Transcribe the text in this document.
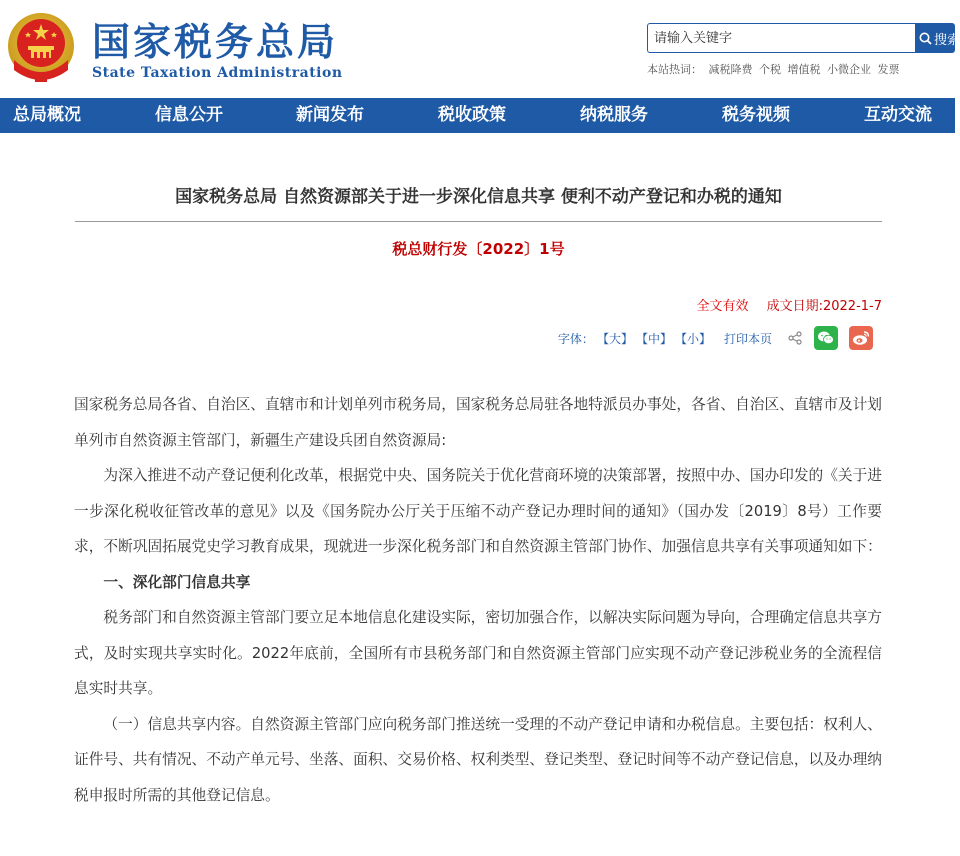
国家税务总局
State Taxation Administration
请输入关键字
搜索
本站热词： 减税降费 个税 增值税 小微企业 发票
总局概况	信息公开	新闻发布	税收政策	纳税服务	税务视频	互动交流
国家税务总局 自然资源部关于进一步深化信息共享 便利不动产登记和办税的通知
税总财行发〔2022〕1号
全文有效 成文日期:2022-1-7
字体： 【大】 【中】 【小】 打印本页

国家税务总局各省、自治区、直辖市和计划单列市税务局，国家税务总局驻各地特派员办事处，各省、自治区、直辖市及计划单列市自然资源主管部门，新疆生产建设兵团自然资源局:

为深入推进不动产登记便利化改革，根据党中央、国务院关于优化营商环境的决策部署，按照中办、国办印发的《关于进一步深化税收征管改革的意见》以及《国务院办公厅关于压缩不动产登记办理时间的通知》（国办发〔2019〕8号）工作要求，不断巩固拓展党史学习教育成果，现就进一步深化税务部门和自然资源主管部门协作、加强信息共享有关事项通知如下：

一、深化部门信息共享

税务部门和自然资源主管部门要立足本地信息化建设实际，密切加强合作，以解决实际问题为导向，合理确定信息共享方式，及时实现共享实时化。2022年底前，全国所有市县税务部门和自然资源主管部门应实现不动产登记涉税业务的全流程信息实时共享。

（一）信息共享内容。自然资源主管部门应向税务部门推送统一受理的不动产登记申请和办税信息。主要包括：权利人、证件号、共有情况、不动产单元号、坐落、面积、交易价格、权利类型、登记类型、登记时间等不动产登记信息，以及办理纳税申报时所需的其他登记信息。
